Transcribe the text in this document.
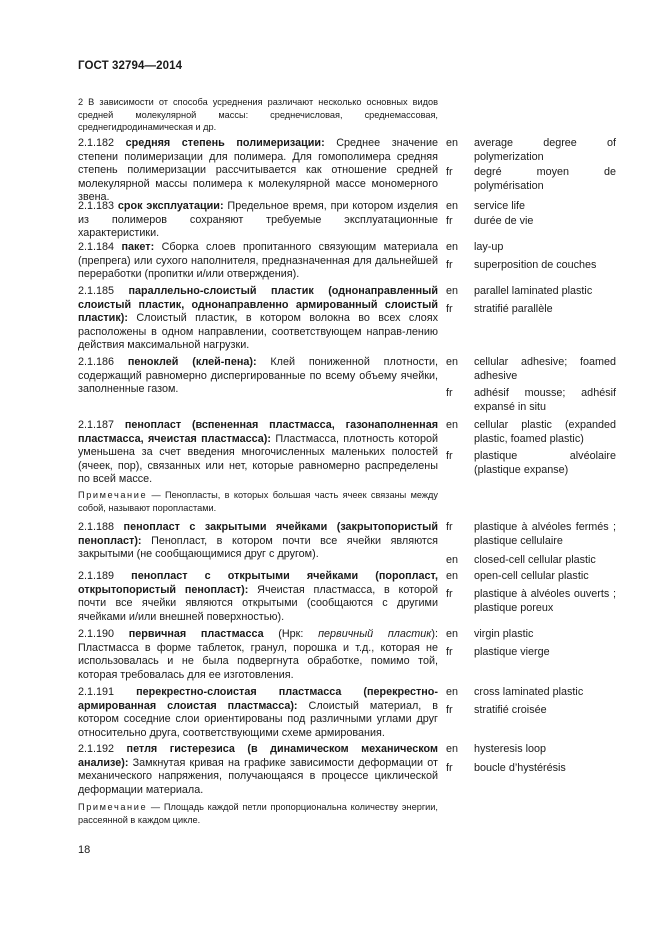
ГОСТ 32794—2014
2 В зависимости от способа усреднения различают несколько основных видов средней молекулярной массы: среднечисловая, среднемассовая, среднегидродинамическая и др.
2.1.182 средняя степень полимеризации: Среднее значение степени полимеризации для полимера. Для гомополимера средняя степень полимеризации рассчитывается как отношение средней молекулярной массы полимера к молекулярной массе мономерного звена.
2.1.183 срок эксплуатации: Предельное время, при котором изделия из полимеров сохраняют требуемые эксплуатационные характеристики.
2.1.184 пакет: Сборка слоев пропитанного связующим материала (препрега) или сухого наполнителя, предназначенная для дальнейшей переработки (пропитки и/или отверждения).
2.1.185 параллельно-слоистый пластик (однонаправленный слоистый пластик, однонаправленно армированный слоистый пластик): Слоистый пластик, в котором волокна во всех слоях расположены в одном направлении, соответствующем направ-лению действия максимальной нагрузки.
2.1.186 пеноклей (клей-пена): Клей пониженной плотности, содержащий равномерно диспергированные по всему объему ячейки, заполненные газом.
2.1.187 пенопласт (вспененная пластмасса, газонаполненная пластмасса, ячеистая пластмасса): Пластмасса, плотность которой уменьшена за счет введения многочисленных маленьких полостей (ячеек, пор), связанных или нет, которые равномерно распределены по всей массе.
Примечание — Пенопласты, в которых большая часть ячеек связаны между собой, называют поропластами.
2.1.188 пенопласт с закрытыми ячейками (закрытопористый пенопласт): Пенопласт, в котором почти все ячейки являются закрытыми (не сообщающимися друг с другом).
2.1.189 пенопласт с открытыми ячейками (поропласт, открытопористый пенопласт): Ячеистая пластмасса, в которой почти все ячейки являются открытыми (сообщаются с другими ячейками и/или внешней поверхностью).
2.1.190 первичная пластмасса (Нрк: первичный пластик): Пластмасса в форме таблеток, гранул, порошка и т.д., которая не использовалась и не была подвергнута обработке, помимо той, которая требовалась для ее изготовления.
2.1.191 перекрестно-слоистая пластмасса (перекрестно-армированная слоистая пластмасса): Слоистый материал, в котором соседние слои ориентированы под различными углами друг относительно друга, соответствующими схеме армирования.
2.1.192 петля гистерезиса (в динамическом механическом анализе): Замкнутая кривая на графике зависимости деформации от механического напряжения, получающаяся в процессе циклической деформации материала.
Примечание — Площадь каждой петли пропорциональна количеству энергии, рассеянной в каждом цикле.
en average degree of polymerization
fr degré moyen de polymérisation
en service life
fr durée de vie
en lay-up
fr superposition de couches
en parallel laminated plastic
fr stratifié parallèle
en cellular adhesive; foamed adhesive
fr adhésif mousse; adhésif expansé in situ
en cellular plastic (expanded plastic, foamed plastic)
fr plastique alvéolaire (plastique expanse)
fr plastique à alvéoles fermés ; plastique cellulaire
en closed-cell cellular plastic
en open-cell cellular plastic
fr plastique à alvéoles ouverts ; plastique poreux
en virgin plastic
fr plastique vierge
en cross laminated plastic
fr stratifié croisée
en hysteresis loop
fr boucle d’hystérésis
18
